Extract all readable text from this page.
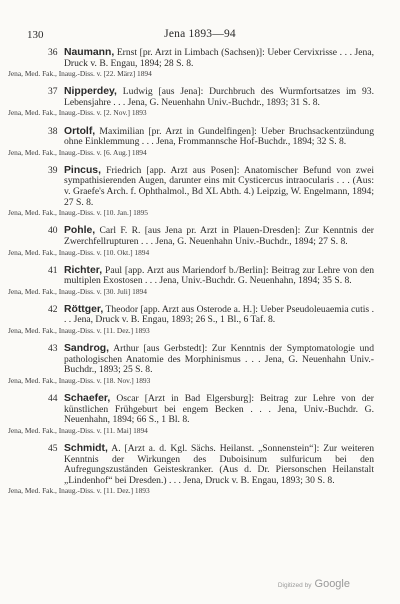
130	Jena 1893—94
36 Naumann, Ernst [pr. Arzt in Limbach (Sachsen)]: Ueber Cervixrisse . . . Jena, Druck v. B. Engau, 1894; 28 S. 8.
Jena, Med. Fak., Inaug.-Diss. v. [22. März] 1894
37 Nipperdey, Ludwig [aus Jena]: Durchbruch des Wurmfortsatzes im 93. Lebensjahre . . . Jena, G. Neuenhahn Univ.-Buchdr., 1893; 31 S. 8.
Jena, Med. Fak., Inaug.-Diss. v. [2. Nov.] 1893
38 Ortolf, Maximilian [pr. Arzt in Gundelfingen]: Ueber Bruchsackentzündung ohne Einklemmung . . . Jena, Frommannsche Hof-Buchdr., 1894; 32 S. 8.
Jena, Med. Fak., Inaug.-Diss. v. [6. Aug.] 1894
39 Pincus, Friedrich [app. Arzt aus Posen]: Anatomischer Befund von zwei sympathisierenden Augen, darunter eins mit Cysticercus intraocularis . . . (Aus: v. Graefe's Arch. f. Ophthalmol., Bd XL Abth. 4.) Leipzig, W. Engelmann, 1894; 27 S. 8.
Jena, Med. Fak., Inaug.-Diss. v. [10. Jan.] 1895
40 Pohle, Carl F. R. [aus Jena pr. Arzt in Plauen-Dresden]: Zur Kenntnis der Zwerchfellrupturen . . . Jena, G. Neuenhahn Univ.-Buchdr., 1894; 27 S. 8.
Jena, Med. Fak., Inaug.-Diss. v. [10. Okt.] 1894
41 Richter, Paul [app. Arzt aus Mariendorf b./Berlin]: Beitrag zur Lehre von den multiplen Exostosen . . . Jena, Univ.-Buchdr. G. Neuenhahn, 1894; 35 S. 8.
Jena, Med. Fak., Inaug.-Diss. v. [30. Juli] 1894
42 Röttger, Theodor [app. Arzt aus Osterode a. H.]: Ueber Pseudoleuaemia cutis . . . Jena, Druck v. B. Engau, 1893; 26 S., 1 Bl., 6 Taf. 8.
Jena, Med. Fak., Inaug.-Diss. v. [11. Dez.] 1893
43 Sandrog, Arthur [aus Gerbstedt]: Zur Kenntnis der Symptomatologie und pathologischen Anatomie des Morphinismus . . . Jena, G. Neuenhahn Univ.-Buchdr., 1893; 25 S. 8.
Jena, Med. Fak., Inaug.-Diss. v. [18. Nov.] 1893
44 Schaefer, Oscar [Arzt in Bad Elgersburg]: Beitrag zur Lehre von der künstlichen Frühgeburt bei engem Becken . . . Jena, Univ.-Buchdr. G. Neuenhahn, 1894; 66 S., 1 Bl. 8.
Jena, Med. Fak., Inaug.-Diss. v. [11. Mai] 1894
45 Schmidt, A. [Arzt a. d. Kgl. Sächs. Heilanst. „Sonnenstein“]: Zur weiteren Kenntnis der Wirkungen des Duboisinum sulfuricum bei den Aufregungszuständen Geisteskranker. (Aus d. Dr. Piersonschen Heilanstalt „Lindenhof“ bei Dresden.) . . . Jena, Druck v. B. Engau, 1893; 30 S. 8.
Jena, Med. Fak., Inaug.-Diss. v. [11. Dez.] 1893
Digitized by Google
